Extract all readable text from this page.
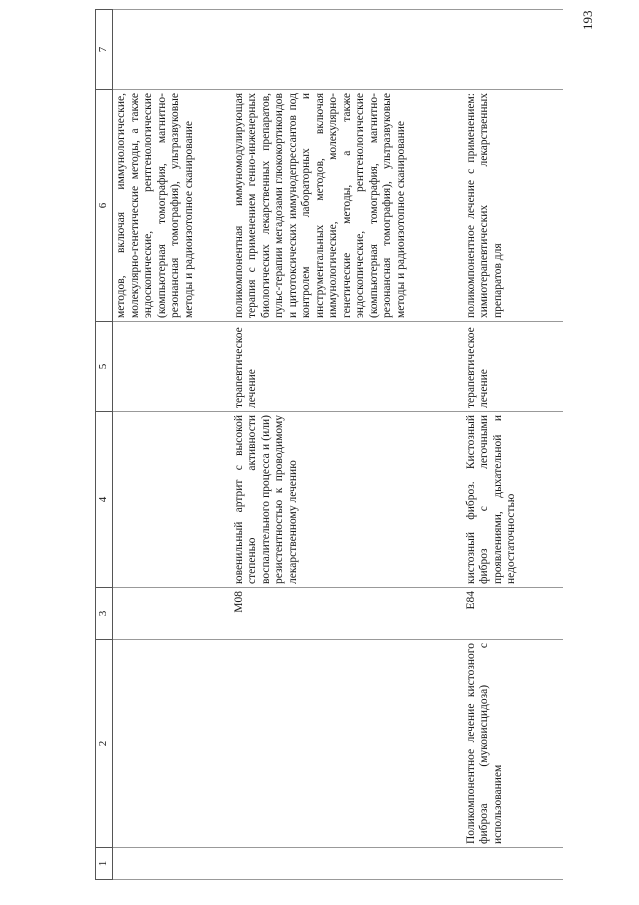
193
1	2	3	4	5	6	7
					методов, включая иммунологические, молекулярно-генетические методы, а также эндоскопические, рентгенологические (компьютерная томография, магнитно-резонансная томография), ультразвуковые методы и радиоизотопное сканирование	
		M08	ювенильный артрит с высокой степенью активности воспалительного процесса и (или) резистентностью к проводимому лекарственному лечению	терапевтическое лечение	поликомпонентная иммуномодулирующая терапия с применением генно-инженерных биологических лекарственных препаратов, пульс-терапии мегадозами глюкокортикоидов и цитотоксических иммунодепрессантов под контролем лабораторных и инструментальных методов, включая иммунологические, молекулярно-генетические методы, а также эндоскопические, рентгенологические (компьютерная томография, магнитно-резонансная томография), ультразвуковые методы и радиоизотопное сканирование	
	Поликомпонентное лечение кистозного фиброза (муковисцидоза) с использованием	E84	кистозный фиброз. Кистозный фиброз с легочными проявлениями, дыхательной и недостаточностью	терапевтическое лечение	поликомпонентное лечение с применением: химиотерапевтических лекарственных препаратов для	
